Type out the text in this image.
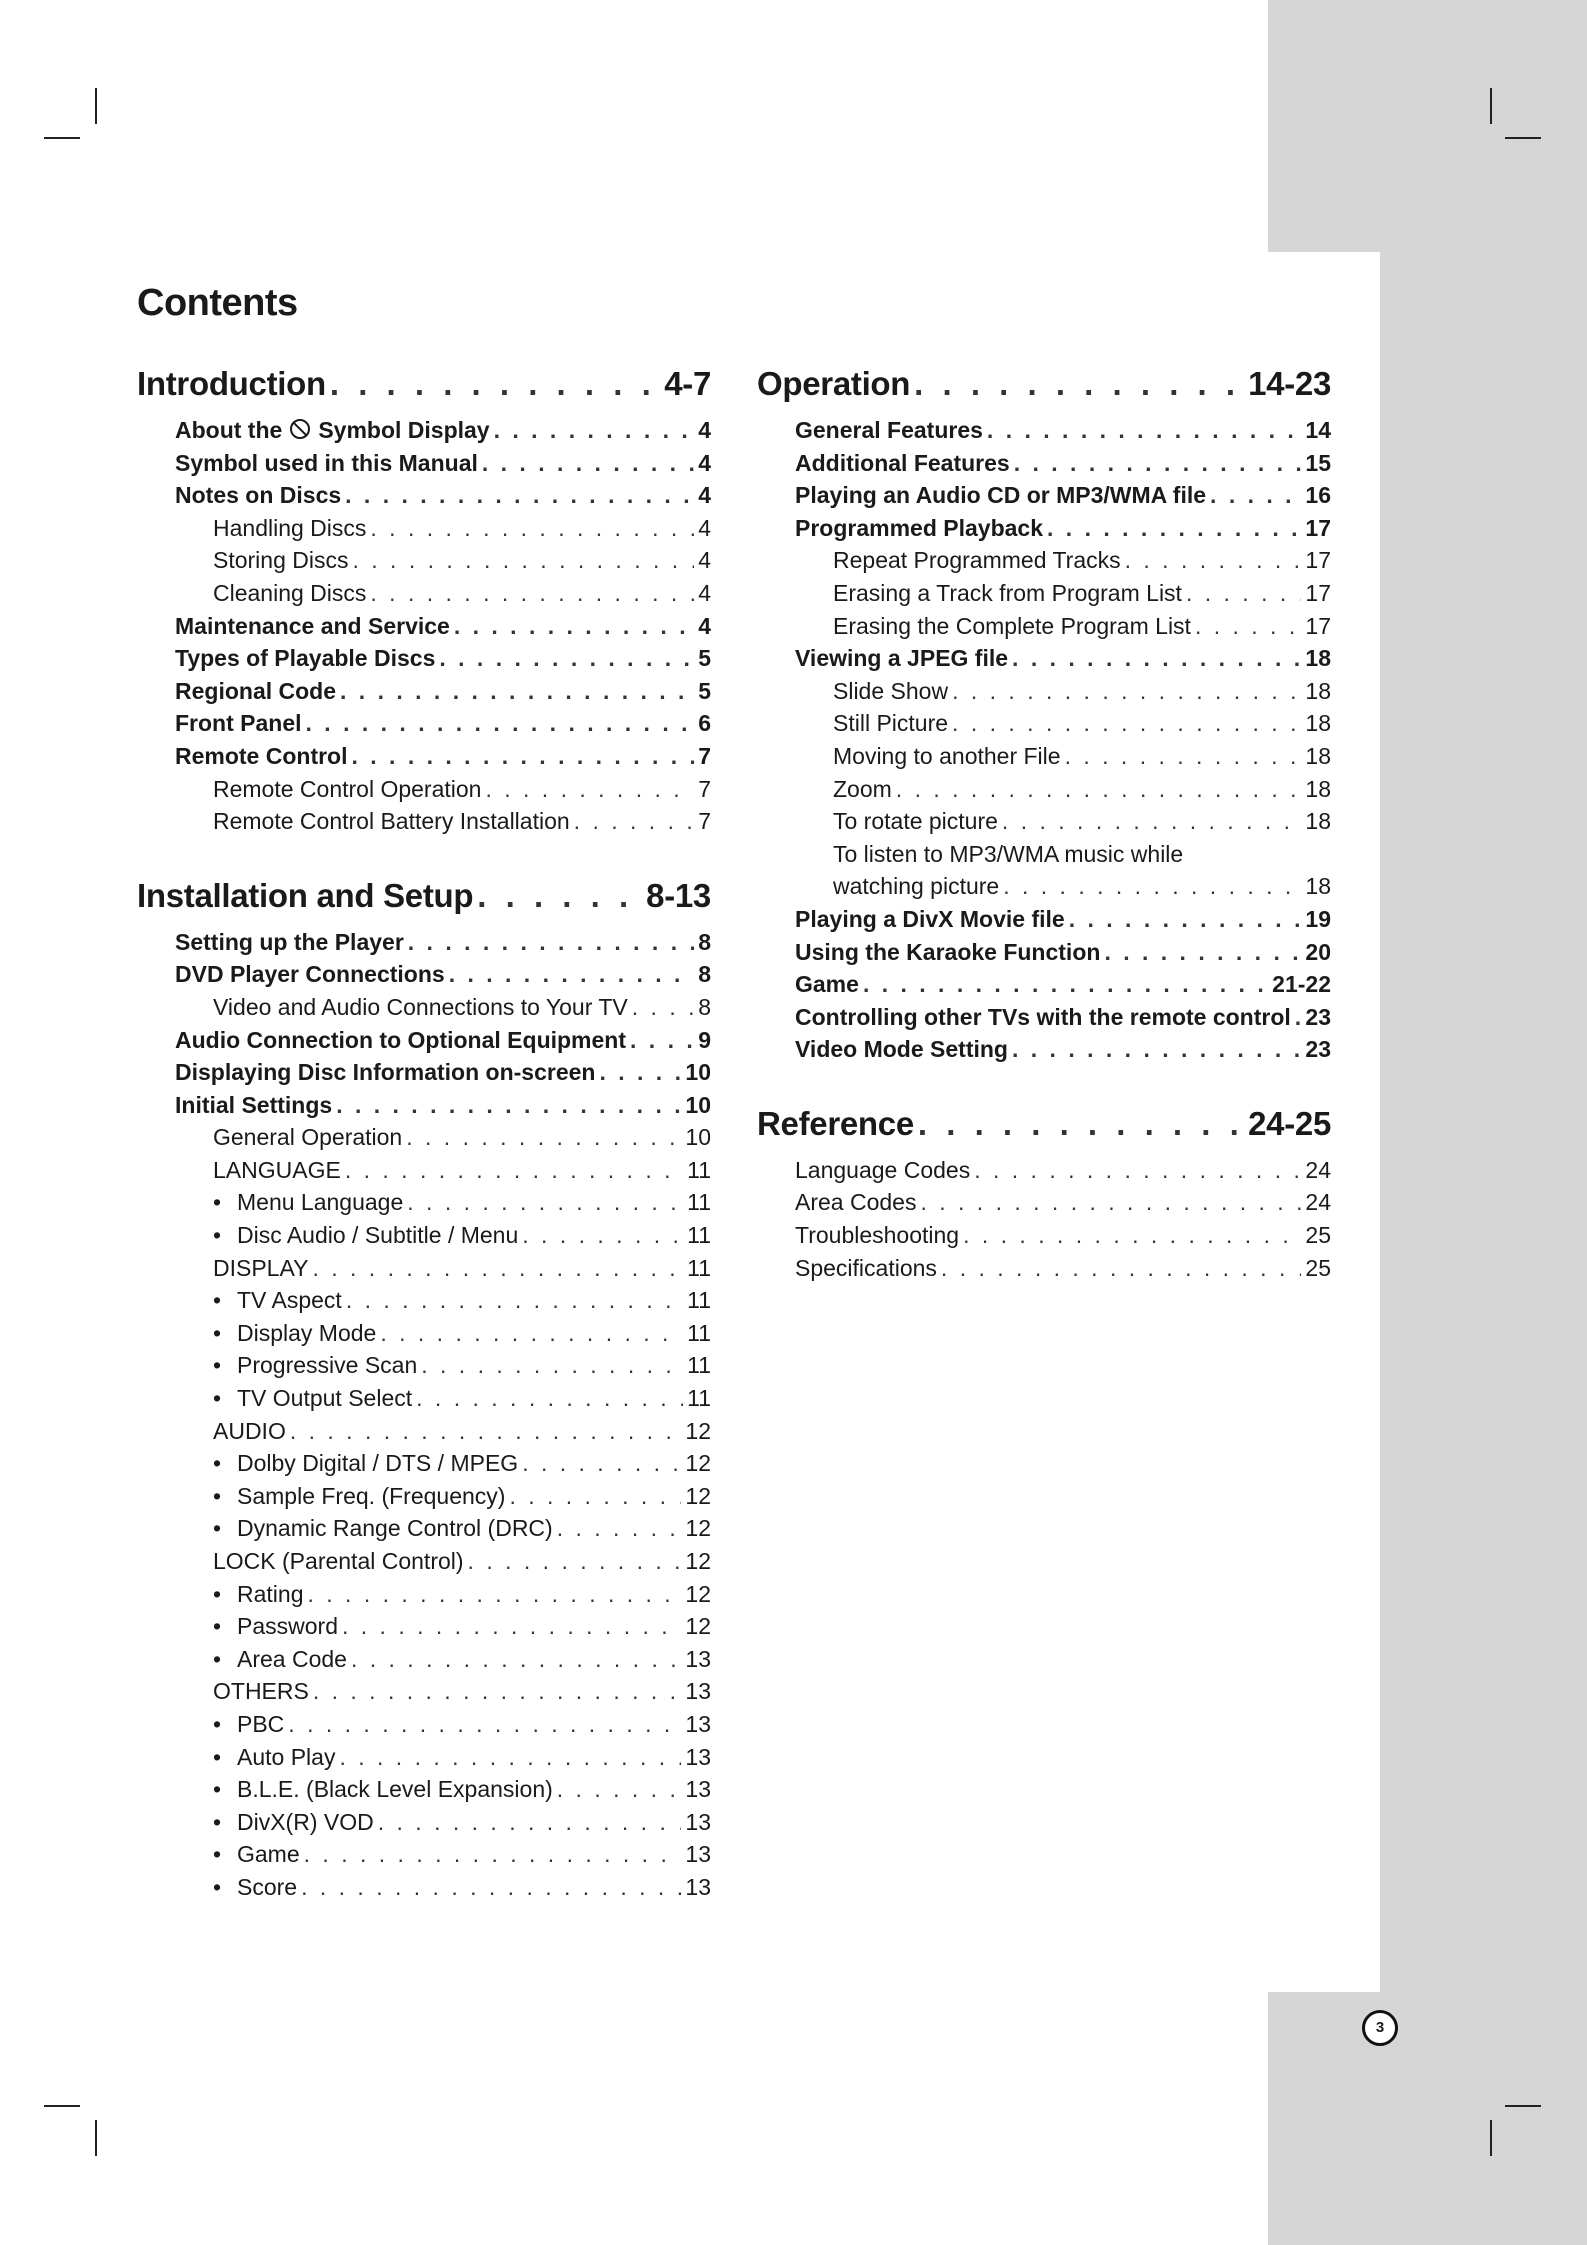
Contents
Introduction . . .	4-7
About the Symbol Display . . .	4
Symbol used in this Manual . . .	4
Notes on Discs . . .	4
Handling Discs . . .	4
Storing Discs . . .	4
Cleaning Discs . . .	4
Maintenance and Service . . .	4
Types of Playable Discs . . .	5
Regional Code . . .	5
Front Panel . . .	6
Remote Control . . .	7
Remote Control Operation . . .	7
Remote Control Battery Installation . . .	7
Installation and Setup . . .	8-13
Setting up the Player . . .	8
DVD Player Connections . . .	8
Video and Audio Connections to Your TV . . .	8
Audio Connection to Optional Equipment . . .	9
Displaying Disc Information on-screen . . .	10
Initial Settings . . .	10
General Operation . . .	10
LANGUAGE . . .	11
• Menu Language . . .	11
• Disc Audio / Subtitle / Menu . . .	11
DISPLAY . . .	11
• TV Aspect . . .	11
• Display Mode . . .	11
• Progressive Scan . . .	11
• TV Output Select . . .	11
AUDIO . . .	12
• Dolby Digital / DTS / MPEG . . .	12
• Sample Freq. (Frequency) . . .	12
• Dynamic Range Control (DRC) . . .	12
LOCK (Parental Control) . . .	12
• Rating . . .	12
• Password . . .	12
• Area Code . . .	13
OTHERS . . .	13
• PBC . . .	13
• Auto Play . . .	13
• B.L.E. (Black Level Expansion) . . .	13
• DivX(R) VOD . . .	13
• Game . . .	13
• Score . . .	13
Operation . . .	14-23
General Features . . .	14
Additional Features . . .	15
Playing an Audio CD or MP3/WMA file . . .	16
Programmed Playback . . .	17
Repeat Programmed Tracks . . .	17
Erasing a Track from Program List . . .	17
Erasing the Complete Program List . . .	17
Viewing a JPEG file . . .	18
Slide Show . . .	18
Still Picture . . .	18
Moving to another File . . .	18
Zoom . . .	18
To rotate picture . . .	18
To listen to MP3/WMA music while
watching picture . . .	18
Playing a DivX Movie file . . .	19
Using the Karaoke Function . . .	20
Game . . .	21-22
Controlling other TVs with the remote control . . . 23
Video Mode Setting . . .	23
Reference . . .	24-25
Language Codes . . .	24
Area Codes . . .	24
Troubleshooting . . .	25
Specifications . . .	25
3
